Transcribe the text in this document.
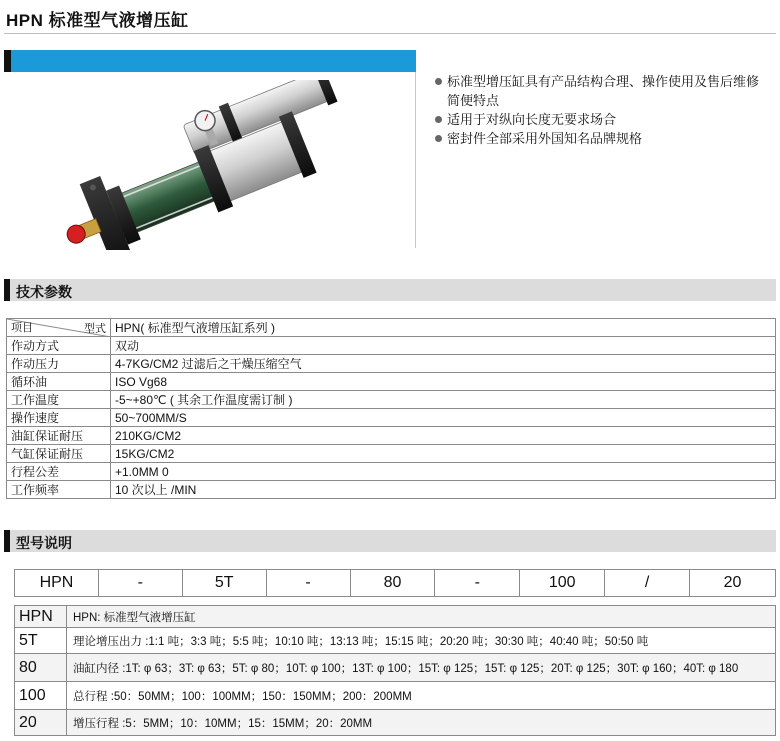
HPN 标准型气液增压缸
标准型增压缸具有产品结构合理、操作使用及售后维修简便特点
适用于对纵向长度无要求场合
密封件全部采用外国知名品牌规格
技术参数
型式
项目	HPN( 标准型气液增压缸系列 )
作动方式	双动
作动压力	4-7KG/CM2 过滤后之干燥压缩空气
循环油	ISO Vg68
工作温度	-5~+80℃ ( 其余工作温度需订制 )
操作速度	50~700MM/S
油缸保证耐压	210KG/CM2
气缸保证耐压	15KG/CM2
行程公差	+1.0MM 0
工作频率	10 次以上 /MIN
型号说明
HPN	-	5T	-	80	-	100	/	20
HPN	HPN: 标准型气液增压缸
5T	理论增压出力 :1:1 吨；3:3 吨；5:5 吨；10:10 吨；13:13 吨；15:15 吨；20:20 吨；30:30 吨；40:40 吨；50:50 吨
80	油缸内径 :1T: φ 63；3T: φ 63；5T: φ 80；10T: φ 100；13T: φ 100；15T: φ 125；15T: φ 125；20T: φ 125；30T: φ 160；40T: φ 180
100	总行程 :50：50MM；100：100MM；150：150MM；200：200MM
20	增压行程 :5：5MM；10：10MM；15：15MM；20：20MM
